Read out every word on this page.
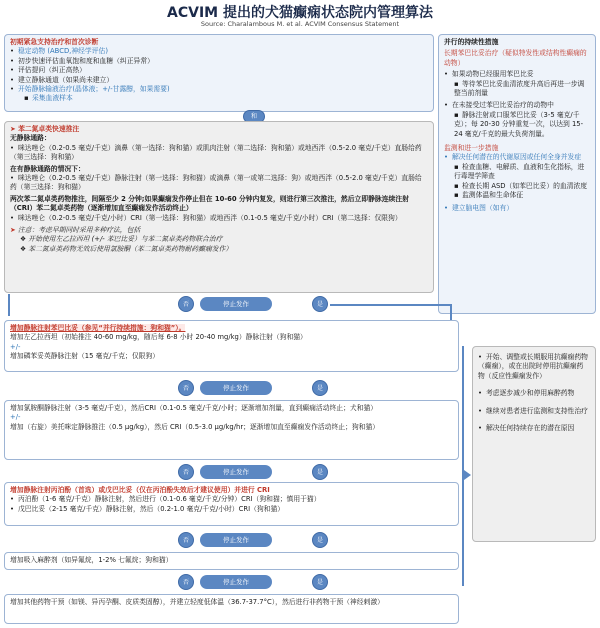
ACVIM 提出的犬猫癫痫状态院内管理算法
Source: Charalambous M. et al. ACVIM Consensus Statement

初期紧急支持治疗和首次诊断

• 稳定动物 (ABCD,神经学评估)

• 初步快速评估血氧饱和度和血糖（纠正异常）

• 评估提问（纠正高热）

• 建立静脉通道（如果尚未建立）

• 开始静脉输液治疗(晶体液；+/-甘露醇，如果需要)

▪ 采集血液样本

和

➤ 苯二氮卓类快速推注

无静脉通路：

• 咪达唑仑（0.2-0.5 毫克/千克）滴鼻（第一选择：狗和猫）或肌肉注射（第二选择：狗和猫）或地西泮（0.5-2.0 毫克/千克）直肠给药（第三选择：狗和猫）

在有静脉通路的情况下：

• 咪达唑仑（0.2-0.5 毫克/千克）静脉注射（第一选择：狗和猫）或滴鼻（第一或第二选择：狗）或地西泮（0.5-2.0 毫克/千克）直肠给药（第三选择：狗和猫）

两次苯二氮卓类药物推注，间隔至少 2 分钟;如果癫痫发作停止但在 10-60 分钟内复发，则进行第三次推注，然后立即静脉连续注射（CRI）苯二氮卓类药物（逐渐增加直至癫痫发作活动终止）

• 咪达唑仑（0.2-0.5 毫克/千克/小时）CRI（第一选择：狗和猫）或地西泮（0.1-0.5 毫克/千克/小时）CRI（第二选择：仅限狗）

➤ 注意：考虑早期同时采用多种疗法，包括

❖ 开始使用左乙拉西坦 (+/- 苯巴比妥）与苯二氮卓类药物联合治疗

❖ 苯二氮卓类药物无效后使用氯胺酮（苯二氮卓类药物耐药癫痫发作）

并行的持续性措施

长期苯巴比妥治疗（疑似特发性或结构性癫痫的动物）

• 如果动物已经服用苯巴比妥

▪ 等待苯巴比妥血清浓度升高后再进一步调整当前剂量

• 在未接受过苯巴比妥治疗的动物中

▪ 静脉注射或口服苯巴比妥（3-5 毫克/千克）；每 20-30 分钟重复一次，以达到 15-24 毫克/千克的最大负荷剂量。

监测和进一步措施

• 解决任何潜在的代谢原因或任何全身并发症

▪ 检查血糖、电解质、血液和生化指标，进行毒理学筛查

▪ 检查长期 ASD（如苯巴比妥）的血清浓度

▪ 监测体温和生命体征

• 建立脑电图（如有）

否	停止发作	是

增加静脉注射苯巴比妥（参见“并行持续措施：狗和猫”）。

增加左乙拉西坦（初始推注 40-60 mg/kg，随后每 6-8 小时 20-40 mg/kg）静脉注射（狗和猫）

+/-

增加磷苯妥英静脉注射（15 毫克/千克；仅限狗）

否	停止发作	是

增加氯胺酮静脉注射（3-5 毫克/千克），然后CRI（0.1-0.5 毫克/千克/小时；逐渐增加剂量，直到癫痫活动终止；犬和猫）

+/-

增加（右旋）美托咪定静脉推注（0.5 µg/kg），然后 CRI（0.5-3.0 µg/kg/hr；逐渐增加直至癫痫发作活动终止；狗和猫）

否	停止发作	是

增加静脉注射丙泊酚（首选）或戊巴比妥（仅在丙泊酚失效后才建议使用）并进行 CRI

• 丙泊酚（1-6 毫克/千克）静脉注射，然后进行（0.1-0.6 毫克/千克/分钟）CRI（狗和猫；慎用于猫）

• 戊巴比妥（2-15 毫克/千克）静脉注射，然后（0.2-1.0 毫克/千克/小时）CRI（狗和猫）

否	停止发作	是

增加吸入麻醉剂（如异氟烷，1-2% 七氟烷；狗和猫）

否	停止发作	是

增加其他药物干预（如镁、异丙孕酮、皮质类固醇），并建立轻度低体温（36.7-37.7°C），然后进行非药物干预（神经刺激）

• 开始、调整或长期服用抗癫痫药物（癫痫），或在出院时停用抗癫痫药物（反应性癫痫发作）

• 考虑逐步减少和停用麻醉药物

• 继续对患者进行监测和支持性治疗

• 解决任何持续存在的潜在原因
